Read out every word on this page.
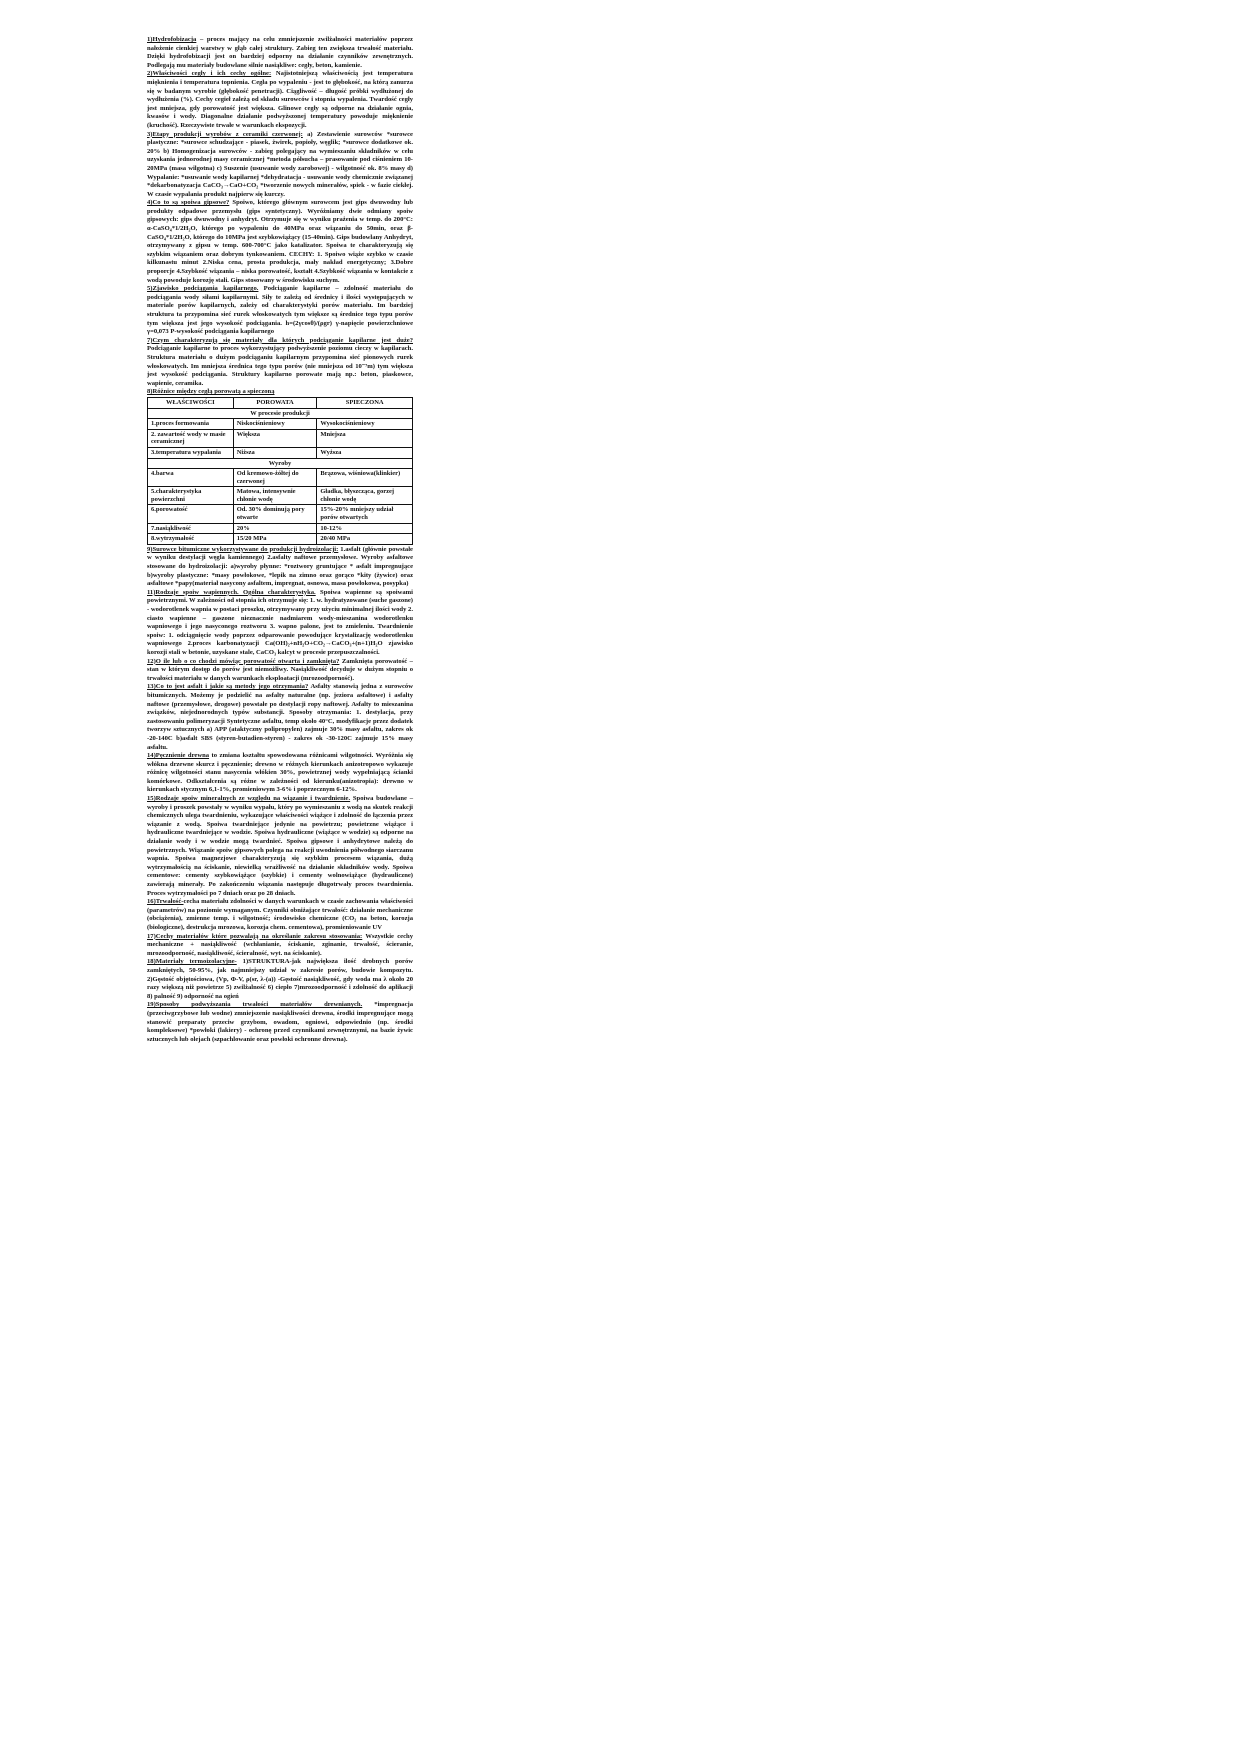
1)Hydrofobizacja – proces mający na celu zmniejszenie zwilżalności materiałów poprzez nałożenie cienkiej warstwy w głąb całej struktury. Zabieg ten zwiększa trwałość materiału. Dzięki hydrofobizacji jest on bardziej odporny na działanie czynników zewnętrznych. Podlegają mu materiały budowlane silnie nasiąkliwe: cegły, beton, kamienie.

2)Właściwości cegły i ich cechy ogólne: Najistotniejszą właściwością jest temperatura mięknienia i temperatura topnienia. Cegła po wypaleniu - jest to głębokość, na którą zanurza się w badanym wyrobie (głębokość penetracji). Ciągliwość – długość próbki wydłużonej do wydłużenia (%). Cechy cegieł zależą od składu surowców i stopnia wypalenia. Twardość cegły jest mniejsza, gdy porowatość jest większa. Glinowe cegły są odporne na działanie ognia, kwasów i wody. Diagonalne działanie podwyższonej temperatury powoduje mięknienie (kruchość). Rzeczywiste trwałe w warunkach ekspozycji.

3)Etapy produkcji wyrobów z ceramiki czerwonej: a) Zestawienie surowców *surowce plastyczne: *surowce schudzające - piasek, żwirek, popioły, węglik; *surowce dodatkowe ok. 20% b) Homogenizacja surowców - zabieg polegający na wymieszaniu składników w celu uzyskania jednorodnej masy ceramicznej *metoda półsucha – prasowanie pod ciśnieniem 10-20MPa (masa wilgotna) c) Suszenie (usuwanie wody zarobowej) - wilgotność ok. 8% masy d) Wypalanie: *usuwanie wody kapilarnej *dehydratacja - usuwanie wody chemicznie związanej *dekarbonatyzacja CaCO₃→CaO+CO₂ *tworzenie nowych minerałów, spiek - w fazie ciekłej. W czasie wypalania produkt najpierw się kurczy.

4)Co to są spoiwa gipsowe? Spoiwo, którego głównym surowcem jest gips dwuwodny lub produkty odpadowe przemysłu (gips syntetyczny). Wyróżniamy dwie odmiany spoiw gipsowych: gips dwuwodny i anhydryt. Otrzymuje się w wyniku prażenia w temp. do 200°C: α-CaSO₄*1/2H₂O, którego po wypaleniu do 40MPa oraz wiązaniu do 50min, oraz β-CaSO₄*1/2H₂O, którego do 10MPa jest szybkowiążący (15-40min). Gips budowlany Anhydryt, otrzymywany z gipsu w temp. 600-700°C jako katalizator. Spoiwa te charakteryzują się szybkim wiązaniem oraz dobrym tynkowaniem. CECHY: 1. Spoiwo wiąże szybko w czasie kilkunastu minut 2.Niska cena, prosta produkcja, mały nakład energetyczny; 3.Dobre proporcje 4.Szybkość wiązania – niska porowatość, kształt 4.Szybkość wiązania w kontakcie z wodą powoduje korozję stali. Gips stosowany w środowisku suchym.

5)Zjawisko podciągania kapilarnego. Podciąganie kapilarne – zdolność materiału do podciągania wody siłami kapilarnymi. Siły te zależą od średnicy i ilości występujących w materiale porów kapilarnych, zależy od charakterystyki porów materiału. Im bardziej struktura ta przypomina sieć rurek włoskowatych tym większe są średnice tego typu porów tym większa jest jego wysokość podciągania. h=(2γcosθ)/(ρgr) γ-napięcie powierzchniowe γ=0,073 P-wysokość podciągania kapilarnego

7)Czym charakteryzują się materiały dla których podciąganie kapilarne jest duże? Podciąganie kapilarne to proces wykorzystujący podwyższenie poziomu cieczy w kapilarach. Struktura materiału o dużym podciąganiu kapilarnym przypomina sieć pionowych rurek włoskowatych. Im mniejsza średnica tego typu porów (nie mniejsza od 10⁻⁷m) tym większa jest wysokość podciągania. Struktury kapilarno porowate mają np.: beton, piaskowce, wapienie, ceramika.

8)Różnice między cegłą porowatą a spieczoną

WŁAŚCIWOŚCI	POROWATA	SPIECZONA
W procesie produkcji		
1.proces formowania	Niskociśnieniowy	Wysokociśnieniowy
2. zawartość wody w masie ceramicznej	Większa	Mniejsza
3.temperatura wypalania	Niższa	Wyższa
Wyroby		
4.barwa	Od kremowo-żółtej do czerwonej	Brązowa, wiśniowa(klinkier)
5.charakterystyka powierzchni	Matowa, intensywnie chłonie wodę	Gładka, błyszcząca, gorzej chłonie wodę
6.porowatość	Od. 30% dominują pory otwarte	15%-20% mniejszy udział porów otwartych
7.nasiąkliwość	20%	10-12%
8.wytrzymałość	15/20 MPa	20/40 MPa

9)Surowce bitumiczne wykorzystywane do produkcji hydroizolacji: 1.asfalt (głównie powstałe w wyniku destylacji węgla kamiennego) 2.asfalty naftowe przemysłowe. Wyroby asfaltowe stosowane do hydroizolacji: a)wyroby płynne: *roztwory gruntujące * asfalt impregnujące b)wyroby plastyczne: *masy powłokowe, *lepik na zimno oraz gorąco *kity (żywice) oraz asfaltowe *papy(materiał nasycony asfaltem, impregnat, osnowa, masa powłokowa, posypka)

11)Rodzaje spoiw wapiennych. Ogólna charakterystyka. Spoiwa wapienne są spoiwami powietrznymi. W zależności od stopnia ich otrzymuje się: 1. w. hydratyzowane (suche gaszone) - wodorotlenek wapnia w postaci proszku, otrzymywany przy użyciu minimalnej ilości wody 2. ciasto wapienne – gaszone nieznacznie nadmiarem wody-mieszanina wodorotlenku wapniowego i jego nasyconego roztworu 3. wapno palone, jest to zmieleniu. Twardnienie spoiw: 1. odciągnięcie wody poprzez odparowanie powodujące krystalizację wodorotlenku wapniowego 2.proces karbonatyzacji Ca(OH)₂+nH₂O+CO₂→CaCO₃+(n+1)H₂O zjawisko korozji stali w betonie, uzyskane stale, CaCO₃ kalcyt w procesie przepuszczalności.

12)O ile lub o co chodzi mówiąc porowatość otwarta i zamknięta? Zamknięta porowatość – stan w którym dostęp do porów jest niemożliwy. Nasiąkliwość decyduje w dużym stopniu o trwałości materiału w danych warunkach eksploatacji (mrozoodporność).

13)Co to jest asfalt i jakie są metody jego otrzymania? Asfalty stanowią jedna z surowców bitumicznych. Możemy je podzielić na asfalty naturalne (np. jeziora asfaltowe) i asfalty naftowe (przemysłowe, drogowe) powstałe po destylacji ropy naftowej. Asfalty to mieszanina związków, niejednorodnych typów substancji. Sposoby otrzymania: 1. destylacja, przy zastosowaniu polimeryzacji Syntetyczne asfaltu, temp około 40°C, modyfikacje przez dodatek tworzyw sztucznych a) APP (ataktyczny polipropylen) zajmuje 30% masy asfaltu, zakres ok -20-140C b)asfalt SBS (styren-butadien-styren) - zakres ok -30-120C zajmuje 15% masy asfaltu.

14)Pęcznienie drewna to zmiana kształtu spowodowana różnicami wilgotności. Wyróżnia się włókna drzewne skurcz i pęcznienie; drewno w różnych kierunkach anizotropowo wykazuje różnicę wilgotności stanu nasycenia włókien 30%, powietrznej wody wypełniającą ścianki komórkowe. Odkształcenia są różne w zależności od kierunku(anizotropia): drewno w kierunkach stycznym 6,1-1%, promieniowym 3-6% i poprzecznym 6-12%.

15)Rodzaje spoiw mineralnych ze względu na wiązanie i twardnienie. Spoiwa budowlane – wyroby i proszek powstały w wyniku wypału, który po wymieszaniu z wodą na skutek reakcji chemicznych ulega twardnieniu, wykazujące właściwości wiążące i zdolność do łączenia przez wiązanie z wodą. Spoiwa twardniejące jedynie na powietrzu; powietrzne wiążące i hydrauliczne twardniejące w wodzie. Spoiwa hydrauliczne (wiążące w wodzie) są odporne na działanie wody i w wodzie mogą twardnieć. Spoiwa gipsowe i anhydrytowe należą do powietrznych. Wiązanie spoiw gipsowych polega na reakcji uwodnienia półwodnego siarczanu wapnia. Spoiwa magnezjowe charakteryzują się szybkim procesem wiązania, dużą wytrzymałością na ściskanie, niewielką wrażliwość na działanie składników wody. Spoiwa cementowe: cementy szybkowiążące (szybkie) i cementy wolnowiążące (hydrauliczne) zawierają minerały. Po zakończeniu wiązania następuje długotrwały proces twardnienia. Proces wytrzymałości po 7 dniach oraz po 28 dniach.

16)Trwałość-cecha materiału zdolności w danych warunkach w czasie zachowania właściwości (parametrów) na poziomie wymaganym. Czynniki obniżające trwałość: działanie mechaniczne (obciążenia), zmienne temp. i wilgotność; środowisko chemiczne (CO₂ na beton, korozja (biologiczne), destrukcja mrozowa, korozja chem. cementowa), promieniowanie UV

17)Cechy materiałów które pozwalają na określanie zakresu stosowania: Wszystkie cechy mechaniczne + nasiąkliwość (wchłanianie, ściskanie, zginanie, trwałość, ścieranie, mrozoodporność, nasiąkliwość, ścieralność, wyt. na ściskanie).

18)Materiały termoizolacyjne- 1)STRUKTURA-jak największa ilość drobnych porów zamkniętych, 50-95%, jak najmniejszy udział w zakresie porów, budowie kompozytu. 2)Gęstość objętościowa, (Vp, Φ-V, ρ(sr, λ-(a)) -Gęstość nasiąkliwość, gdy woda ma λ około 20 razy większą niż powietrze 5) zwilżalność 6) ciepło 7)mrozoodporność i zdolność do aplikacji 8) palność 9) odporność na ogień

19)Sposoby podwyższania trwałości materiałów drewnianych. *impregnacja (przeciwgrzybowe lub wodne) zmniejszenie nasiąkliwości drewna, środki impregnujące mogą stanowić preparaty przeciw grzybom, owadom, ogniowi, odpowiednio (np. środki kompleksowe) *powłoki (lakiery) - ochronę przed czynnikami zewnętrznymi, na bazie żywic sztucznych lub olejach (szpachlowanie oraz powłoki ochronne drewna).
